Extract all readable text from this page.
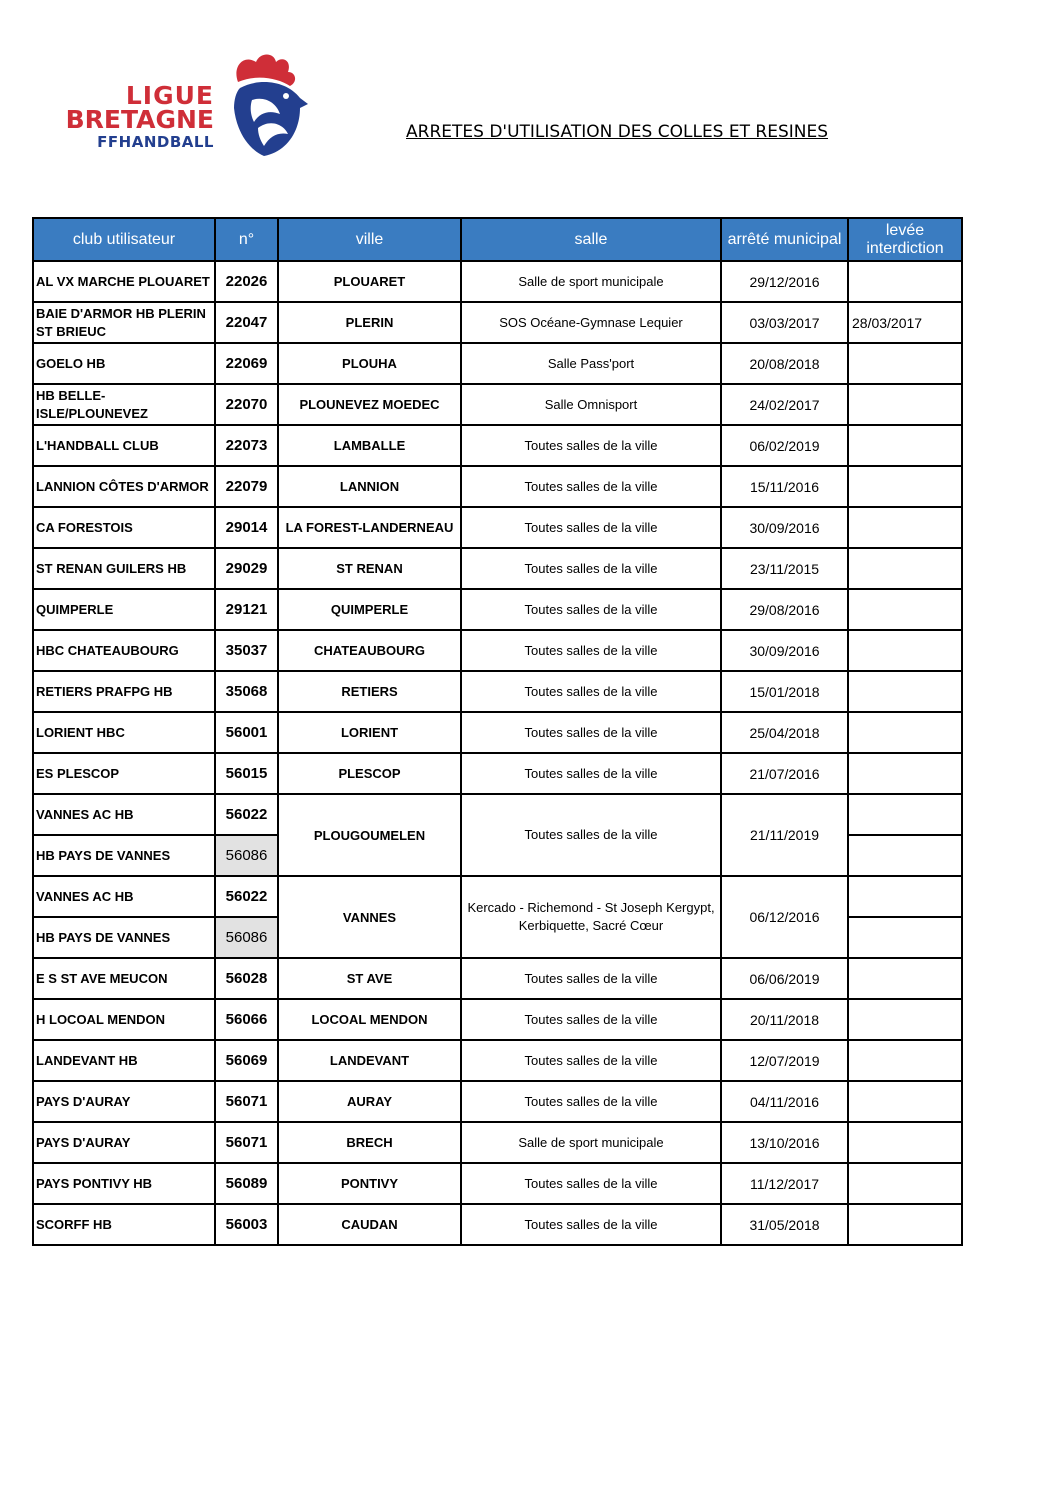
LIGUE
BRETAGNE
FFHANDBALL	ARRETES D'UTILISATION DES COLLES ET RESINES
club utilisateur	n°	ville	salle	arrêté municipal	levée interdiction
AL VX MARCHE PLOUARET	22026	PLOUARET	Salle de sport municipale	29/12/2016	
BAIE D'ARMOR HB PLERIN ST BRIEUC	22047	PLERIN	SOS Océane-Gymnase Lequier	03/03/2017	28/03/2017
GOELO HB	22069	PLOUHA	Salle Pass'port	20/08/2018	
HB BELLE-ISLE/PLOUNEVEZ	22070	PLOUNEVEZ MOEDEC	Salle Omnisport	24/02/2017	
L'HANDBALL CLUB	22073	LAMBALLE	Toutes salles de la ville	06/02/2019	
LANNION CÔTES D'ARMOR	22079	LANNION	Toutes salles de la ville	15/11/2016	
CA FORESTOIS	29014	LA FOREST-LANDERNEAU	Toutes salles de la ville	30/09/2016	
ST RENAN GUILERS HB	29029	ST RENAN	Toutes salles de la ville	23/11/2015	
QUIMPERLE	29121	QUIMPERLE	Toutes salles de la ville	29/08/2016	
HBC CHATEAUBOURG	35037	CHATEAUBOURG	Toutes salles de la ville	30/09/2016	
RETIERS PRAFPG HB	35068	RETIERS	Toutes salles de la ville	15/01/2018	
LORIENT HBC	56001	LORIENT	Toutes salles de la ville	25/04/2018	
ES PLESCOP	56015	PLESCOP	Toutes salles de la ville	21/07/2016	
VANNES AC HB	56022	PLOUGOUMELEN	Toutes salles de la ville	21/11/2019	
HB PAYS DE VANNES	56086				
VANNES AC HB	56022	VANNES	Kercado - Richemond - St Joseph Kergypt, Kerbiquette, Sacré Cœur	06/12/2016	
HB PAYS DE VANNES	56086				
E S ST AVE MEUCON	56028	ST AVE	Toutes salles de la ville	06/06/2019	
H LOCOAL MENDON	56066	LOCOAL MENDON	Toutes salles de la ville	20/11/2018	
LANDEVANT HB	56069	LANDEVANT	Toutes salles de la ville	12/07/2019	
PAYS D'AURAY	56071	AURAY	Toutes salles de la ville	04/11/2016	
PAYS D'AURAY	56071	BRECH	Salle de sport municipale	13/10/2016	
PAYS PONTIVY HB	56089	PONTIVY	Toutes salles de la ville	11/12/2017	
SCORFF HB	56003	CAUDAN	Toutes salles de la ville	31/05/2018	
